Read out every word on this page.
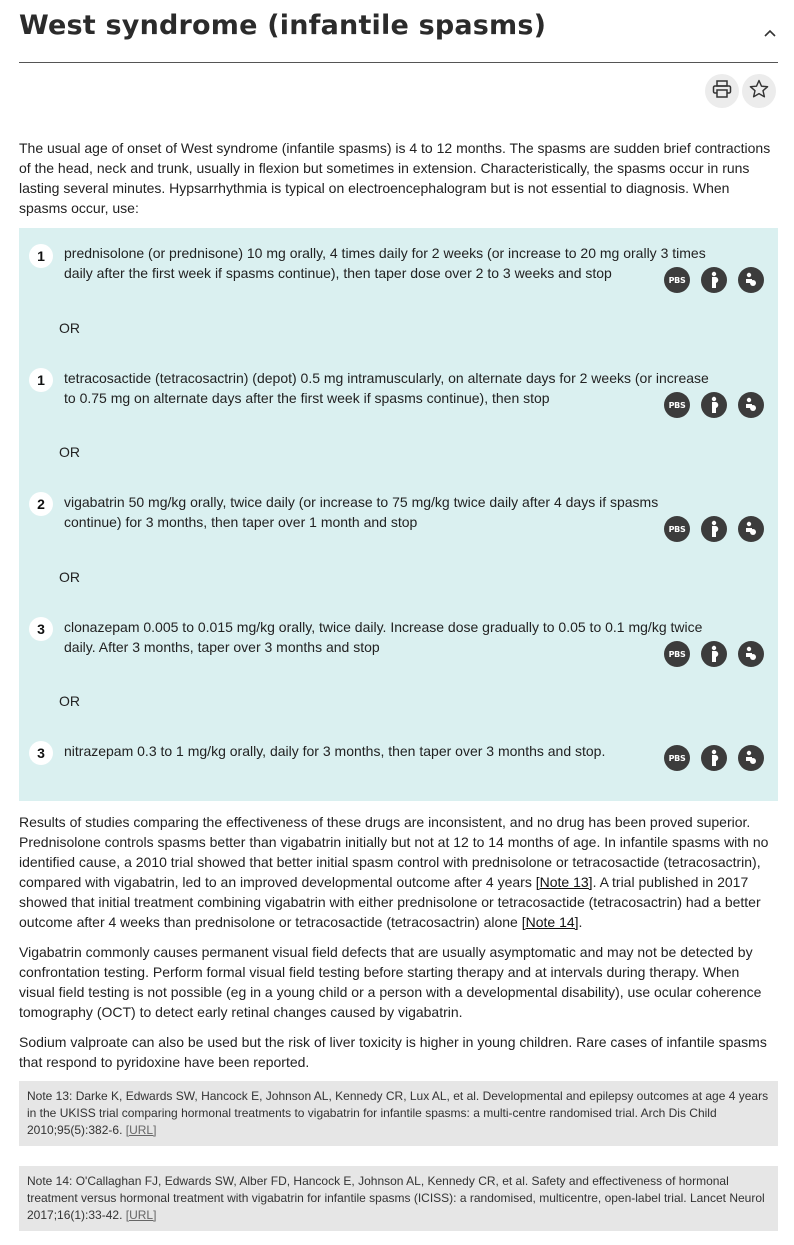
West syndrome (infantile spasms)
The usual age of onset of West syndrome (infantile spasms) is 4 to 12 months. The spasms are sudden brief contractions of the head, neck and trunk, usually in flexion but sometimes in extension. Characteristically, the spasms occur in runs lasting several minutes. Hypsarrhythmia is typical on electroencephalogram but is not essential to diagnosis. When spasms occur, use:
1	prednisolone (or prednisone) 10 mg orally, 4 times daily for 2 weeks (or increase to 20 mg orally 3 times daily after the first week if spasms continue), then taper dose over 2 to 3 weeks and stop	PBS
OR
1	tetracosactide (tetracosactrin) (depot) 0.5 mg intramuscularly, on alternate days for 2 weeks (or increase to 0.75 mg on alternate days after the first week if spasms continue), then stop	PBS
OR
2	vigabatrin 50 mg/kg orally, twice daily (or increase to 75 mg/kg twice daily after 4 days if spasms continue) for 3 months, then taper over 1 month and stop	PBS
OR
3	clonazepam 0.005 to 0.015 mg/kg orally, twice daily. Increase dose gradually to 0.05 to 0.1 mg/kg twice daily. After 3 months, taper over 3 months and stop	PBS
OR
3	nitrazepam 0.3 to 1 mg/kg orally, daily for 3 months, then taper over 3 months and stop.	PBS
Results of studies comparing the effectiveness of these drugs are inconsistent, and no drug has been proved superior. Prednisolone controls spasms better than vigabatrin initially but not at 12 to 14 months of age. In infantile spasms with no identified cause, a 2010 trial showed that better initial spasm control with prednisolone or tetracosactide (tetracosactrin), compared with vigabatrin, led to an improved developmental outcome after 4 years [Note 13]. A trial published in 2017 showed that initial treatment combining vigabatrin with either prednisolone or tetracosactide (tetracosactrin) had a better outcome after 4 weeks than prednisolone or tetracosactide (tetracosactrin) alone [Note 14].
Vigabatrin commonly causes permanent visual field defects that are usually asymptomatic and may not be detected by confrontation testing. Perform formal visual field testing before starting therapy and at intervals during therapy. When visual field testing is not possible (eg in a young child or a person with a developmental disability), use ocular coherence tomography (OCT) to detect early retinal changes caused by vigabatrin.
Sodium valproate can also be used but the risk of liver toxicity is higher in young children. Rare cases of infantile spasms that respond to pyridoxine have been reported.
Note 13: Darke K, Edwards SW, Hancock E, Johnson AL, Kennedy CR, Lux AL, et al. Developmental and epilepsy outcomes at age 4 years in the UKISS trial comparing hormonal treatments to vigabatrin for infantile spasms: a multi-centre randomised trial. Arch Dis Child 2010;95(5):382-6. [URL]
Note 14: O'Callaghan FJ, Edwards SW, Alber FD, Hancock E, Johnson AL, Kennedy CR, et al. Safety and effectiveness of hormonal treatment versus hormonal treatment with vigabatrin for infantile spasms (ICISS): a randomised, multicentre, open-label trial. Lancet Neurol 2017;16(1):33-42. [URL]
